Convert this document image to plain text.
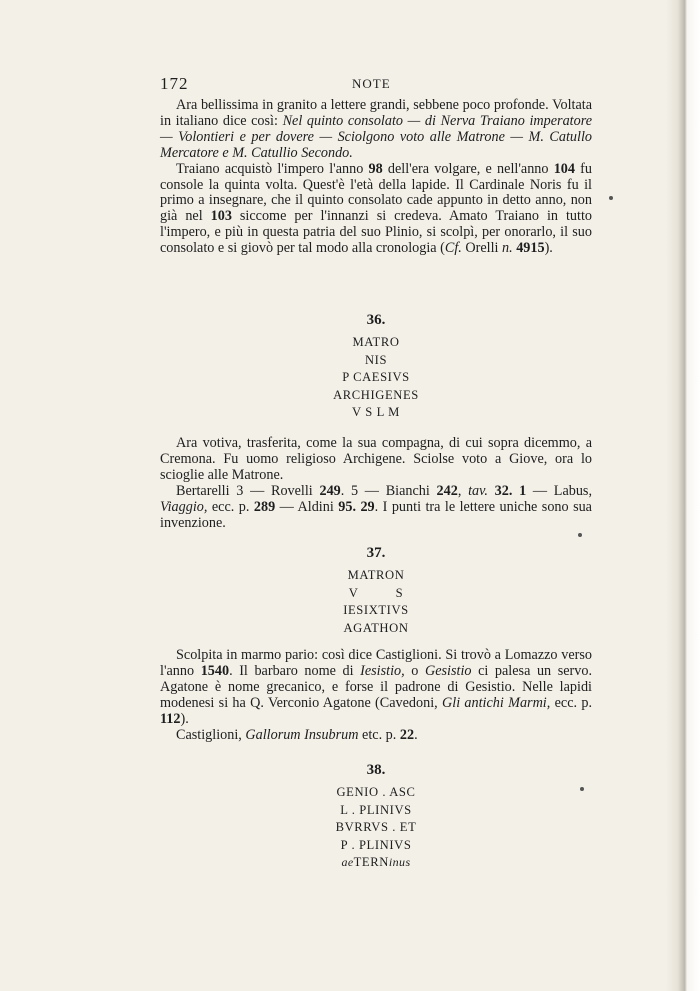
172	NOTE

Ara bellissima in granito a lettere grandi, sebbene poco profonde. Voltata in italiano dice così: Nel quinto consolato — di Nerva Traiano imperatore — Volontieri e per dovere — Sciolgono voto alle Matrone — M. Catullo Mercatore e M. Catullio Secondo.

Traiano acquistò l'impero l'anno 98 dell'era volgare, e nell'anno 104 fu console la quinta volta. Quest'è l'età della lapide. Il Cardinale Noris fu il primo a insegnare, che il quinto consolato cade appunto in detto anno, non già nel 103 siccome per l'innanzi si credeva. Amato Traiano in tutto l'impero, e più in questa patria del suo Plinio, si scolpì, per onorarlo, il suo consolato e si giovò per tal modo alla cronologia (Cf. Orelli n. 4915).

36.
MATRO
NIS
P CAESIVS
ARCHIGENES
V S L M

Ara votiva, trasferita, come la sua compagna, di cui sopra dicemmo, a Cremona. Fu uomo religioso Archigene. Sciolse voto a Giove, ora lo scioglie alle Matrone.

Bertarelli 3 — Rovelli 249. 5 — Bianchi 242, tav. 32. 1 — Labus, Viaggio, ecc. p. 289 — Aldini 95. 29. I punti tra le lettere uniche sono sua invenzione.

37.
MATRON
V          S
IESIXTIVS
AGATHON

Scolpita in marmo pario: così dice Castiglioni. Si trovò a Lomazzo verso l'anno 1540. Il barbaro nome di Iesistio, o Gesistio ci palesa un servo. Agatone è nome grecanico, e forse il padrone di Gesistio. Nelle lapidi modenesi si ha Q. Verconio Agatone (Cavedoni, Gli antichi Marmi, ecc. p. 112).

Castiglioni, Gallorum Insubrum etc. p. 22.

38.
GENIO . ASC
L . PLINIVS
BVRRVS . ET
P . PLINIVS
aeTERNinus
